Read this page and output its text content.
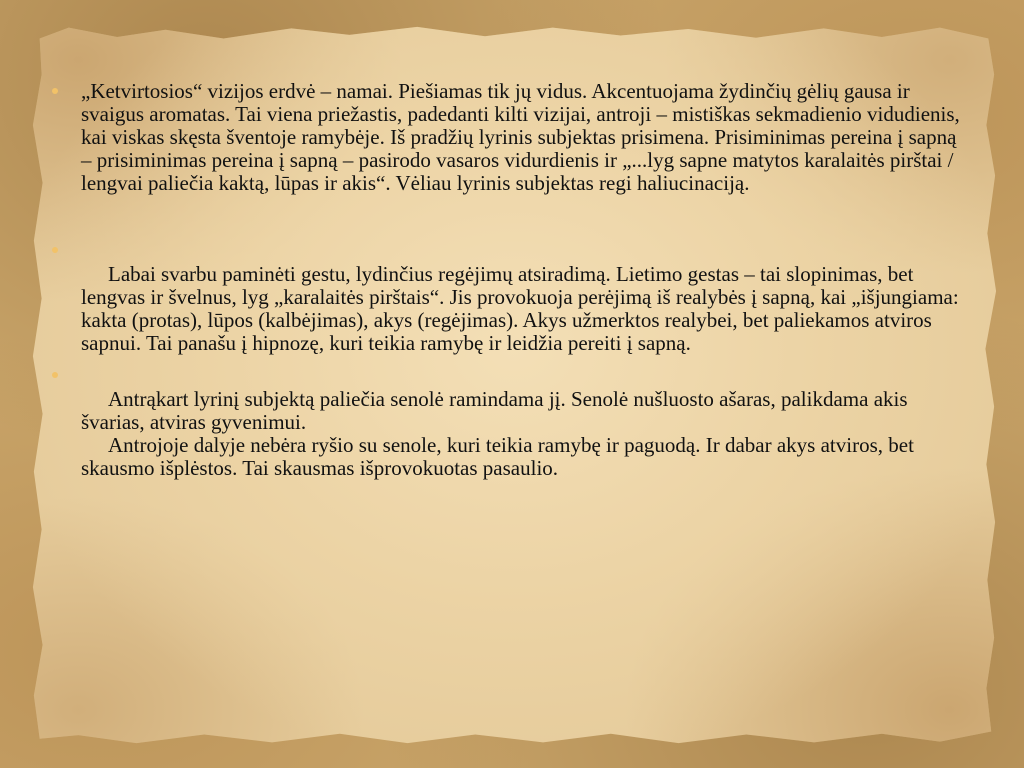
„Ketvirtosios“ vizijos erdvė – namai. Piešiamas tik jų vidus. Akcentuojama žydinčių gėlių gausa ir svaigus aromatas. Tai viena priežastis, padedanti kilti vizijai, antroji – mistiškas sekmadienio vidudienis, kai viskas skęsta šventoje ramybėje. Iš pradžių lyrinis subjektas prisimena. Prisiminimas pereina į sapną – prisiminimas pereina į sapną – pasirodo vasaros vidurdienis ir „...lyg sapne matytos karalaitės pirštai / lengvai paliečia kaktą, lūpas ir akis“. Vėliau lyrinis subjektas regi haliucinaciją.

Labai svarbu paminėti gestu, lydinčius regėjimų atsiradimą. Lietimo gestas – tai slopinimas, bet lengvas ir švelnus, lyg „karalaitės pirštais“. Jis provokuoja perėjimą iš realybės į sapną, kai „išjungiama: kakta (protas), lūpos (kalbėjimas), akys (regėjimas). Akys užmerktos realybei, bet paliekamos atviros sapnui. Tai panašu į hipnozę, kuri teikia ramybę ir leidžia pereiti į sapną.

Antrąkart lyrinį subjektą paliečia senolė ramindama jį. Senolė nušluosto ašaras, palikdama akis švarias, atviras gyvenimui.

Antrojoje dalyje nebėra ryšio su senole, kuri teikia ramybę ir paguodą. Ir dabar akys atviros, bet skausmo išplėstos. Tai skausmas išprovokuotas pasaulio.
